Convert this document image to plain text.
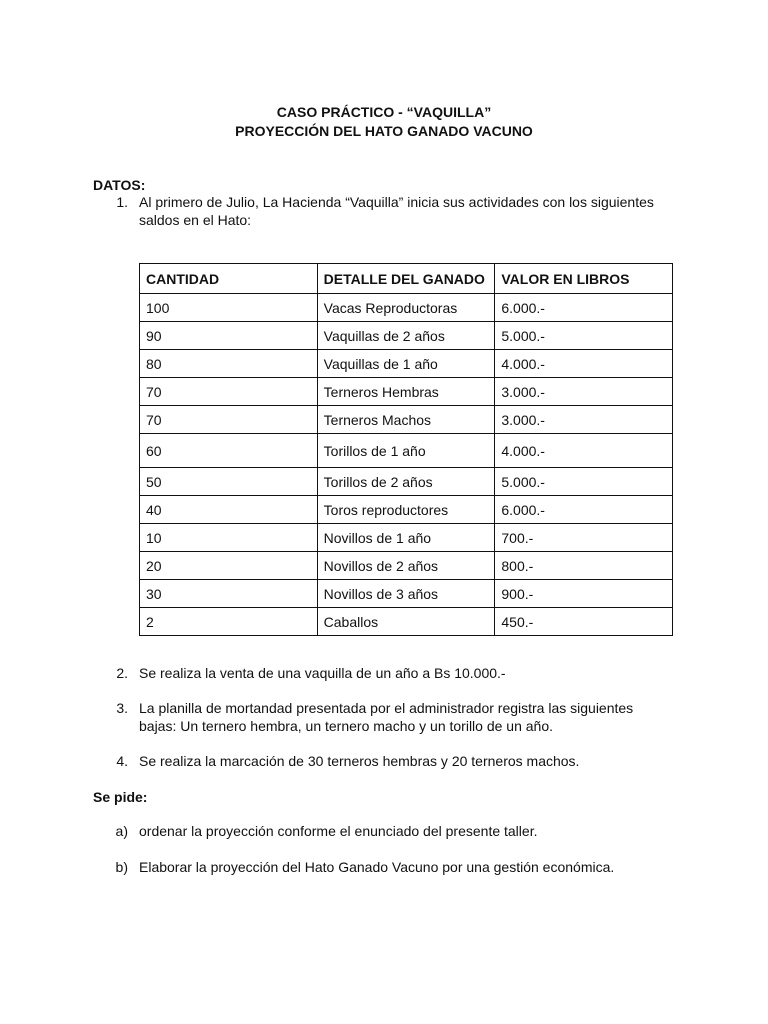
CASO PRÁCTICO - “VAQUILLA”
PROYECCIÓN DEL HATO GANADO VACUNO
DATOS:
1. Al primero de Julio, La Hacienda “Vaquilla” inicia sus actividades con los siguientes
saldos en el Hato:
CANTIDAD	DETALLE DEL GANADO	VALOR EN LIBROS
100	Vacas Reproductoras	6.000.-
90	Vaquillas de 2 años	5.000.-
80	Vaquillas de 1 año	4.000.-
70	Terneros Hembras	3.000.-
70	Terneros Machos	3.000.-
60	Torillos de 1 año	4.000.-
50	Torillos de 2 años	5.000.-
40	Toros reproductores	6.000.-
10	Novillos de 1 año	700.-
20	Novillos de 2 años	800.-
30	Novillos de 3 años	900.-
2	Caballos	450.-
2. Se realiza la venta de una vaquilla de un año a Bs 10.000.-
3. La planilla de mortandad presentada por el administrador registra las siguientes
bajas: Un ternero hembra, un ternero macho y un torillo de un año.
4. Se realiza la marcación de 30 terneros hembras y 20 terneros machos.
Se pide:
a) ordenar la proyección conforme el enunciado del presente taller.
b) Elaborar la proyección del Hato Ganado Vacuno por una gestión económica.
